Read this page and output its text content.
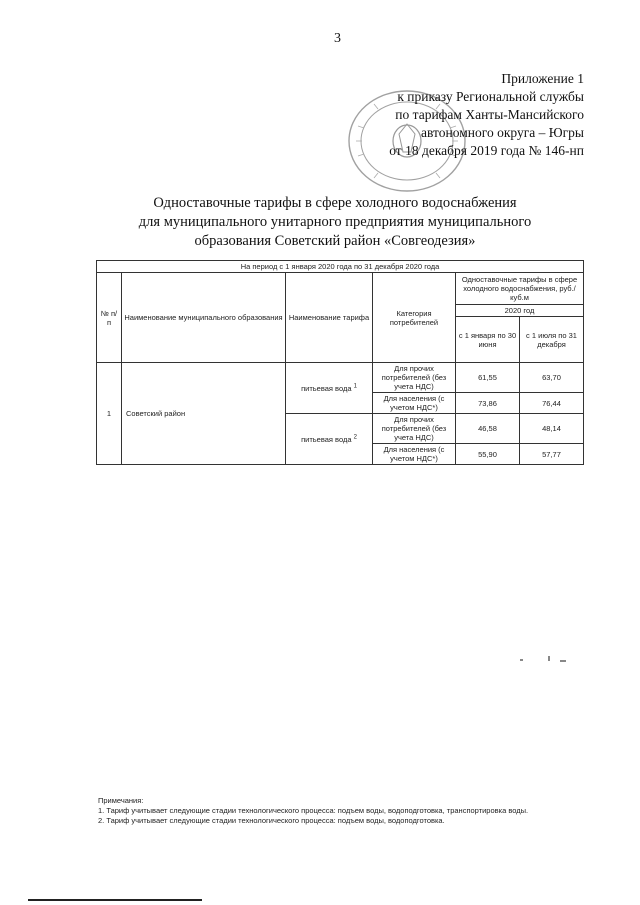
3
Приложение 1
к приказу Региональной службы
по тарифам Ханты-Мансийского
автономного округа – Югры
от 18 декабря 2019 года № 146-нп
Одноставочные тарифы в сфере холодного водоснабжения
для муниципального унитарного предприятия муниципального
образования Советский район «Совгеодезия»
На период с 1 января 2020 года по 31 декабря 2020 года					
№ п/п	Наименование муниципального образования	Наименование тарифа	Категория потребителей	Одноставочные тарифы в сфере холодного водоснабжения, руб./куб.м	
				2020 год	
				с 1 января по 30 июня	с 1 июля по 31 декабря
1	Советский район	питьевая вода $^1$	Для прочих потребителей (без учета НДС)	61,55	63,70
			Для населения (с учетом НДС*)	73,86	76,44
		питьевая вода $^2$	Для прочих потребителей (без учета НДС)	46,58	48,14
			Для населения (с учетом НДС*)	55,90	57,77
Примечания:
1. Тариф учитывает следующие стадии технологического процесса: подъем воды, водоподготовка, транспортировка воды.
2. Тариф учитывает следующие стадии технологического процесса: подъем воды, водоподготовка.
